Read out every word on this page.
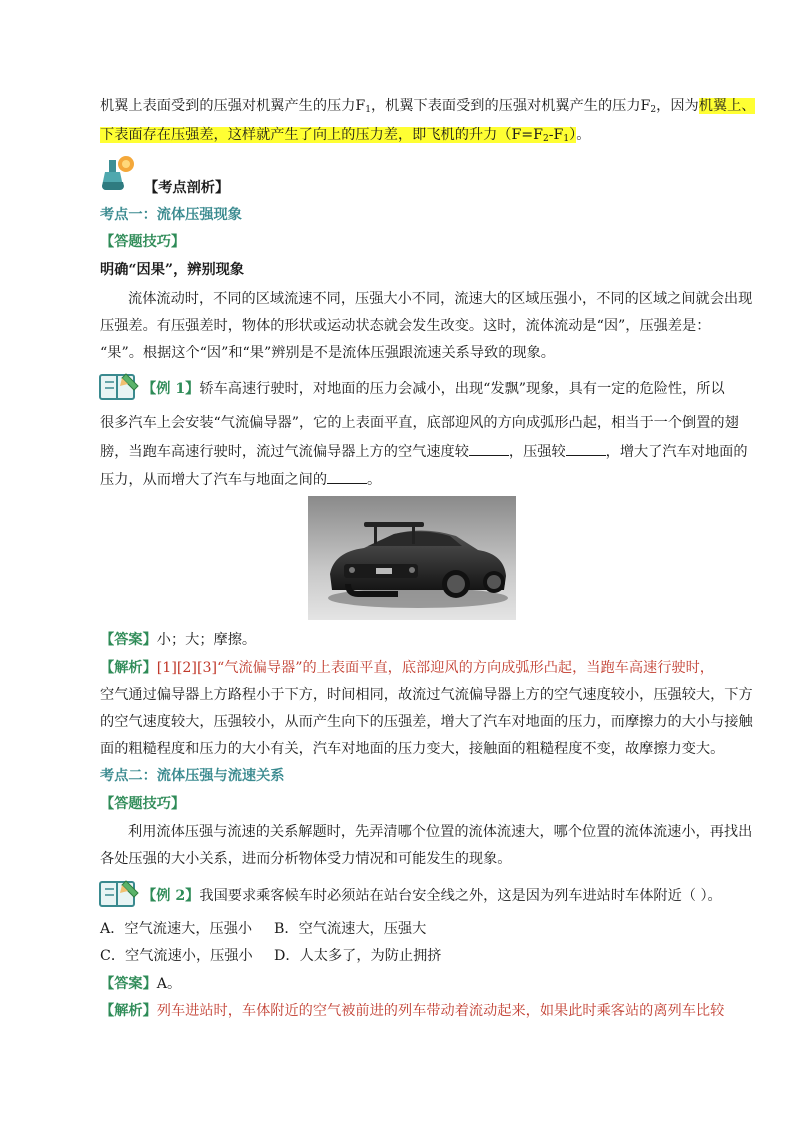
机翼上表面受到的压强对机翼产生的压力$F_1$，机翼下表面受到的压强对机翼产生的压力$F_2$，因为机翼上、
下表面存在压强差，这样就产生了向上的压力差，即飞机的升力$(F=F_2-F_1)$。
【考点剖析】
考点一：流体压强现象
【答题技巧】
明确“因果”，辨别现象
流体流动时，不同的区域流速不同，压强大小不同，流速大的区域压强小，不同的区域之间就会出现
压强差。有压强差时，物体的形状或运动状态就会发生改变。这时，流体流动是“因”，压强差是：
“果”。根据这个“因”和“果”辨别是不是流体压强跟流速关系导致的现象。
【例 1】轿车高速行驶时，对地面的压力会减小，出现“发飘”现象，具有一定的危险性，所以
很多汽车上会安装“气流偏导器”，它的上表面平直，底部迎风的方向成弧形凸起，相当于一个倒置的翅
膀，当跑车高速行驶时，流过气流偏导器上方的空气速度较	，压强较	，增大了汽车对地面的
压力，从而增大了汽车与地面之间的	。
【答案】小；大；摩擦。
【解析】[1][2][3]“气流偏导器”的上表面平直，底部迎风的方向成弧形凸起，当跑车高速行驶时，
空气通过偏导器上方路程小于下方，时间相同，故流过气流偏导器上方的空气速度较小，压强较大，下方
的空气速度较大，压强较小，从而产生向下的压强差，增大了汽车对地面的压力，而摩擦力的大小与接触
面的粗糙程度和压力的大小有关，汽车对地面的压力变大，接触面的粗糙程度不变，故摩擦力变大。
考点二：流体压强与流速关系
【答题技巧】
利用流体压强与流速的关系解题时，先弄清哪个位置的流体流速大，哪个位置的流体流速小，再找出
各处压强的大小关系，进而分析物体受力情况和可能发生的现象。
【例 2】我国要求乘客候车时必须站在站台安全线之外，这是因为列车进站时车体附近（ ）。
A．空气流速大，压强小 B．空气流速大，压强大
C．空气流速小，压强小 D．人太多了，为防止拥挤
【答案】A。
【解析】列车进站时，车体附近的空气被前进的列车带动着流动起来，如果此时乘客站的离列车比较
